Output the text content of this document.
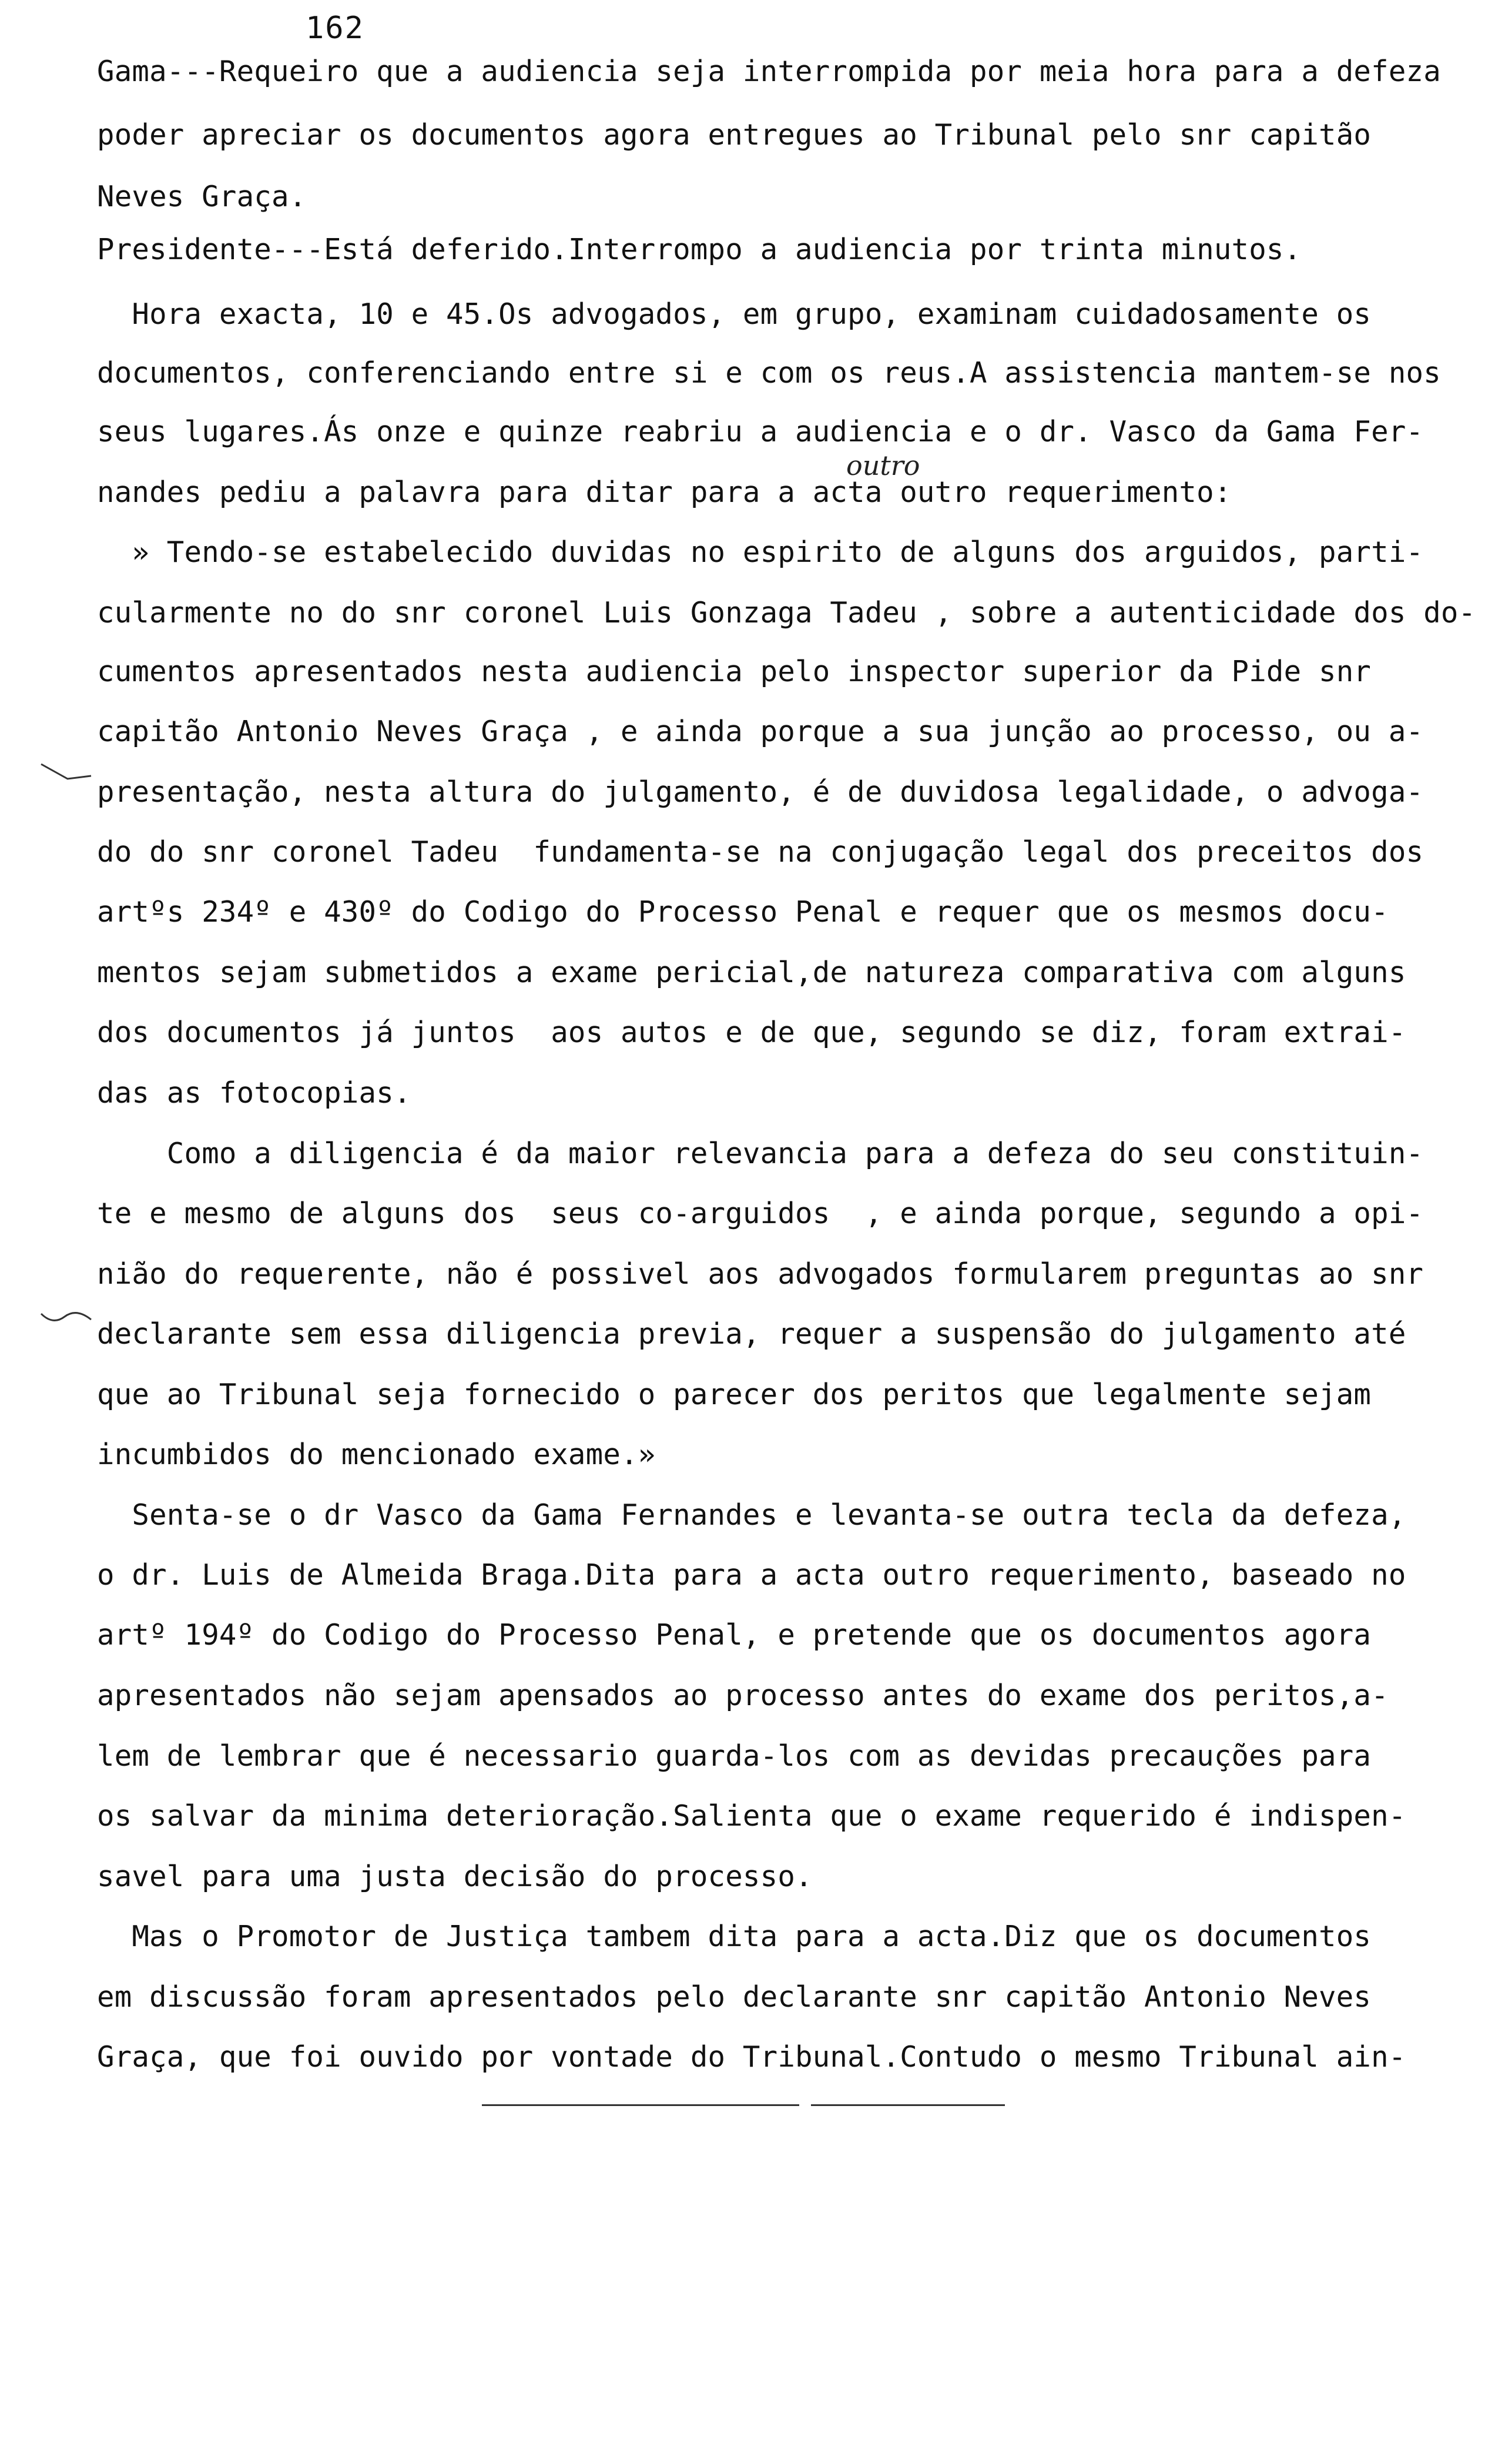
162
Gama---Requeiro que a audiencia seja interrompida por meia hora para a defeza
poder apreciar os documentos agora entregues ao Tribunal pelo snr capitão
Neves Graça.
Presidente---Está deferido.Interrompo a audiencia por trinta minutos.
Hora exacta, 10 e 45.Os advogados, em grupo, examinam cuidadosamente os
documentos, conferenciando entre si e com os reus.A assistencia mantem-se nos
seus lugares.Ás onze e quinze reabriu a audiencia e o dr. Vasco da Gama Fer-
nandes pediu a palavra para ditar para a acta outro requerimento:
» Tendo-se estabelecido duvidas no espirito de alguns dos arguidos, parti-
cularmente no do snr coronel Luis Gonzaga Tadeu , sobre a autenticidade dos do-
cumentos apresentados nesta audiencia pelo inspector superior da Pide snr
capitão Antonio Neves Graça , e ainda porque a sua junção ao processo, ou a-
presentação, nesta altura do julgamento, é de duvidosa legalidade, o advoga-
do do snr coronel Tadeu  fundamenta-se na conjugação legal dos preceitos dos
artºs 234º e 430º do Codigo do Processo Penal e requer que os mesmos docu-
mentos sejam submetidos a exame pericial,de natureza comparativa com alguns
dos documentos já juntos  aos autos e de que, segundo se diz, foram extrai-
das as fotocopias.
Como a diligencia é da maior relevancia para a defeza do seu constituin-
te e mesmo de alguns dos  seus co-arguidos  , e ainda porque, segundo a opi-
nião do requerente, não é possivel aos advogados formularem preguntas ao snr
declarante sem essa diligencia previa, requer a suspensão do julgamento até
que ao Tribunal seja fornecido o parecer dos peritos que legalmente sejam
incumbidos do mencionado exame.»
Senta-se o dr Vasco da Gama Fernandes e levanta-se outra tecla da defeza,
o dr. Luis de Almeida Braga.Dita para a acta outro requerimento, baseado no
artº 194º do Codigo do Processo Penal, e pretende que os documentos agora
apresentados não sejam apensados ao processo antes do exame dos peritos,a-
lem de lembrar que é necessario guarda-los com as devidas precauções para
os salvar da minima deterioração.Salienta que o exame requerido é indispen-
savel para uma justa decisão do processo.
Mas o Promotor de Justiça tambem dita para a acta.Diz que os documentos
em discussão foram apresentados pelo declarante snr capitão Antonio Neves
Graça, que foi ouvido por vontade do Tribunal.Contudo o mesmo Tribunal ain-
outro
